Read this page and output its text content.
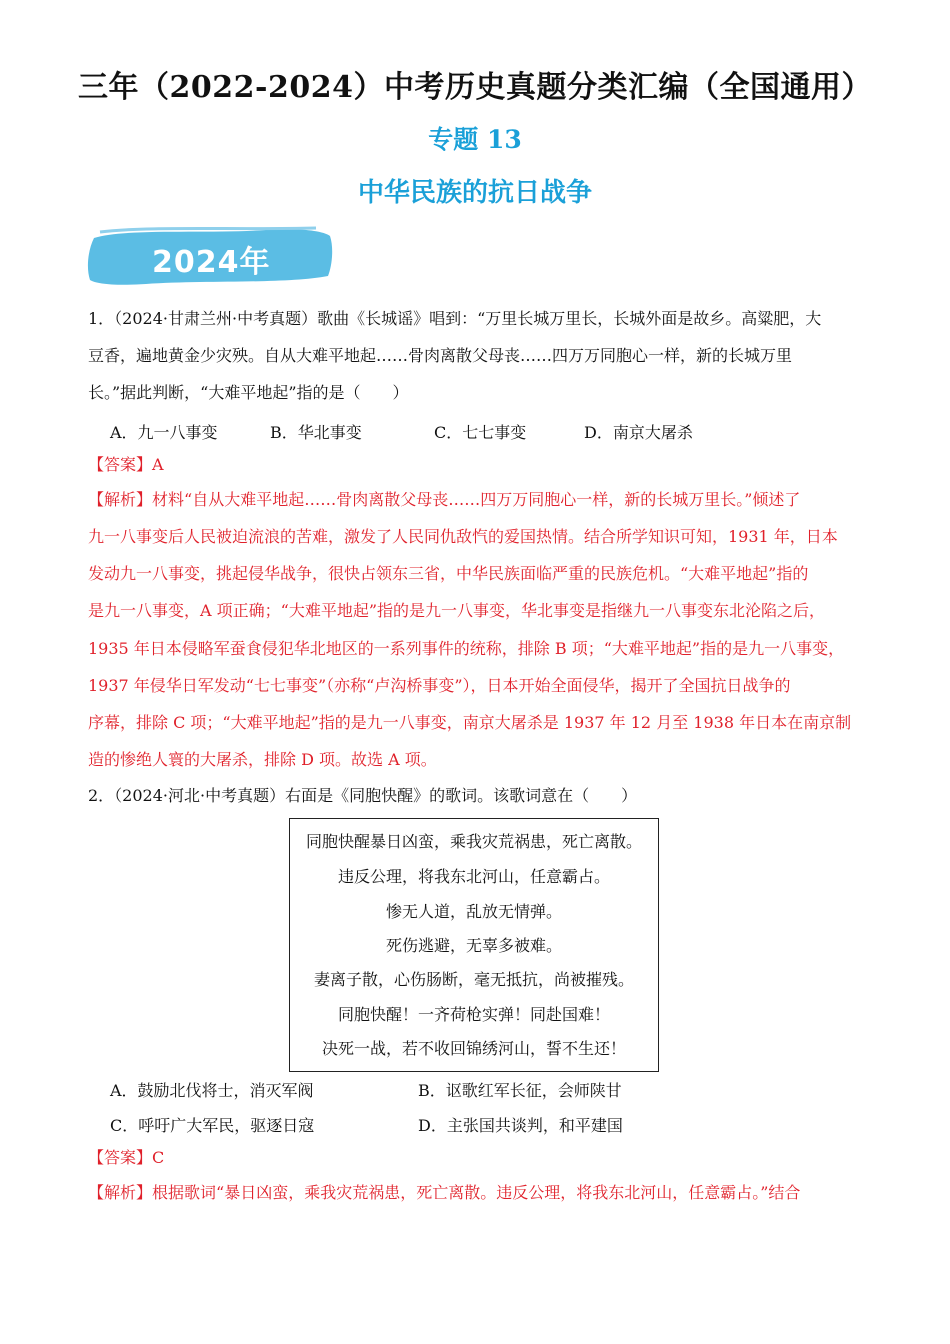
三年（2022-2024）中考历史真题分类汇编（全国通用）
专题 13
中华民族的抗日战争
2024年
1．（2024·甘肃兰州·中考真题）歌曲《长城谣》唱到：“万里长城万里长，长城外面是故乡。高粱肥，大
豆香，遍地黄金少灾殃。自从大难平地起……骨肉离散父母丧……四万万同胞心一样，新的长城万里
长。”据此判断，“大难平地起”指的是（　　）
A．九一八事变	B．华北事变	C．七七事变	D．南京大屠杀
【答案】A
【解析】材料“自从大难平地起……骨肉离散父母丧……四万万同胞心一样，新的长城万里长。”倾述了
九一八事变后人民被迫流浪的苦难，激发了人民同仇敌忾的爱国热情。结合所学知识可知，1931 年，日本
发动九一八事变，挑起侵华战争，很快占领东三省，中华民族面临严重的民族危机。“大难平地起”指的
是九一八事变，A 项正确；“大难平地起”指的是九一八事变，华北事变是指继九一八事变东北沦陷之后，
1935 年日本侵略军蚕食侵犯华北地区的一系列事件的统称，排除 B 项；“大难平地起”指的是九一八事变，
1937 年侵华日军发动“七七事变”（亦称“卢沟桥事变”），日本开始全面侵华，揭开了全国抗日战争的
序幕，排除 C 项；“大难平地起”指的是九一八事变，南京大屠杀是 1937 年 12 月至 1938 年日本在南京制
造的惨绝人寰的大屠杀，排除 D 项。故选 A 项。
2．（2024·河北·中考真题）右面是《同胞快醒》的歌词。该歌词意在（　　）
同胞快醒暴日凶蛮，乘我灾荒祸患，死亡离散。
违反公理，将我东北河山，任意霸占。
惨无人道，乱放无情弹。
死伤逃避，无辜多被难。
妻离子散，心伤肠断，毫无抵抗，尚被摧残。
同胞快醒！一齐荷枪实弹！同赴国难！
决死一战，若不收回锦绣河山，誓不生还！
A．鼓励北伐将士，消灭军阀	B．讴歌红军长征，会师陕甘
C．呼吁广大军民，驱逐日寇	D．主张国共谈判，和平建国
【答案】C
【解析】根据歌词“暴日凶蛮，乘我灾荒祸患，死亡离散。违反公理，将我东北河山，任意霸占。”结合
